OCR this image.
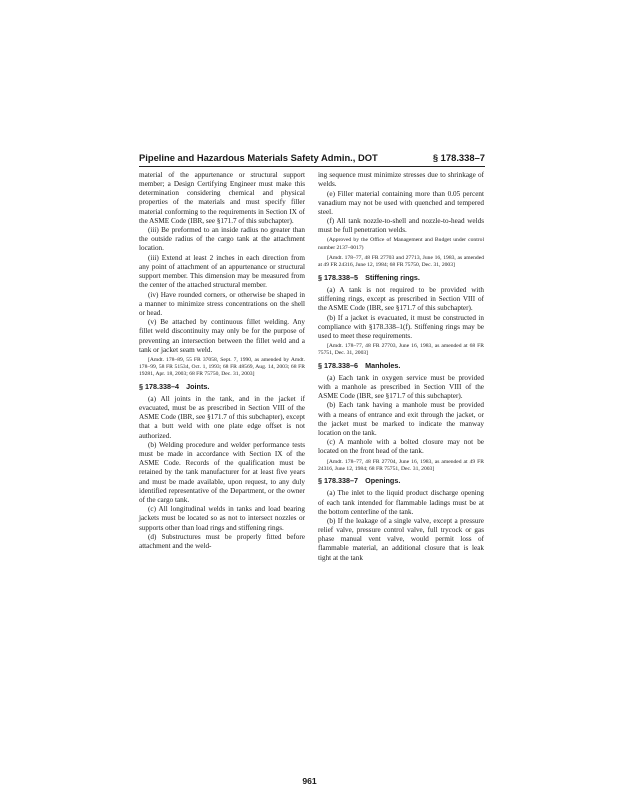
Pipeline and Hazardous Materials Safety Admin., DOT	§ 178.338–7

material of the appurtenance or structural support member; a Design Certifying Engineer must make this determination considering chemical and physical properties of the materials and must specify filler material conforming to the requirements in Section IX of the ASME Code (IBR, see §171.7 of this subchapter).

(iii) Be preformed to an inside radius no greater than the outside radius of the cargo tank at the attachment location.

(iii) Extend at least 2 inches in each direction from any point of attachment of an appurtenance or structural support member. This dimension may be measured from the center of the attached structural member.

(iv) Have rounded corners, or otherwise be shaped in a manner to minimize stress concentrations on the shell or head.

(v) Be attached by continuous fillet welding. Any fillet weld discontinuity may only be for the purpose of preventing an intersection between the fillet weld and a tank or jacket seam weld.

[Amdt. 178–89, 55 FR 37058, Sept. 7, 1990, as amended by Amdt. 178–99, 58 FR 51534, Oct. 1, 1993; 68 FR 48569, Aug. 14, 2003; 68 FR 19281, Apr. 18, 2003; 68 FR 75750, Dec. 31, 2003]

§ 178.338–4  Joints.

(a) All joints in the tank, and in the jacket if evacuated, must be as prescribed in Section VIII of the ASME Code (IBR, see §171.7 of this subchapter), except that a butt weld with one plate edge offset is not authorized.

(b) Welding procedure and welder performance tests must be made in accordance with Section IX of the ASME Code. Records of the qualification must be retained by the tank manufacturer for at least five years and must be made available, upon request, to any duly identified representative of the Department, or the owner of the cargo tank.

(c) All longitudinal welds in tanks and load bearing jackets must be located so as not to intersect nozzles or supports other than load rings and stiffening rings.

(d) Substructures must be properly fitted before attachment and the weld-

ing sequence must minimize stresses due to shrinkage of welds.

(e) Filler material containing more than 0.05 percent vanadium may not be used with quenched and tempered steel.

(f) All tank nozzle-to-shell and nozzle-to-head welds must be full penetration welds.

(Approved by the Office of Management and Budget under control number 2137–0017)

[Amdt. 178–77, 48 FR 27703 and 27713, June 16, 1983, as amended at 49 FR 24316, June 12, 1984; 68 FR 75750, Dec. 31, 2003]

§ 178.338–5  Stiffening rings.

(a) A tank is not required to be provided with stiffening rings, except as prescribed in Section VIII of the ASME Code (IBR, see §171.7 of this subchapter).

(b) If a jacket is evacuated, it must be constructed in compliance with §178.338–1(f). Stiffening rings may be used to meet these requirements.

[Amdt. 178–77, 48 FR 27703, June 16, 1983, as amended at 68 FR 75751, Dec. 31, 2003]

§ 178.338–6  Manholes.

(a) Each tank in oxygen service must be provided with a manhole as prescribed in Section VIII of the ASME Code (IBR, see §171.7 of this subchapter).

(b) Each tank having a manhole must be provided with a means of entrance and exit through the jacket, or the jacket must be marked to indicate the manway location on the tank.

(c) A manhole with a bolted closure may not be located on the front head of the tank.

[Amdt. 178–77, 48 FR 27704, June 16, 1983, as amended at 49 FR 24316, June 12, 1984; 68 FR 75751, Dec. 31, 2003]

§ 178.338–7  Openings.

(a) The inlet to the liquid product discharge opening of each tank intended for flammable ladings must be at the bottom centerline of the tank.

(b) If the leakage of a single valve, except a pressure relief valve, pressure control valve, full trycock or gas phase manual vent valve, would permit loss of flammable material, an additional closure that is leak tight at the tank

961
